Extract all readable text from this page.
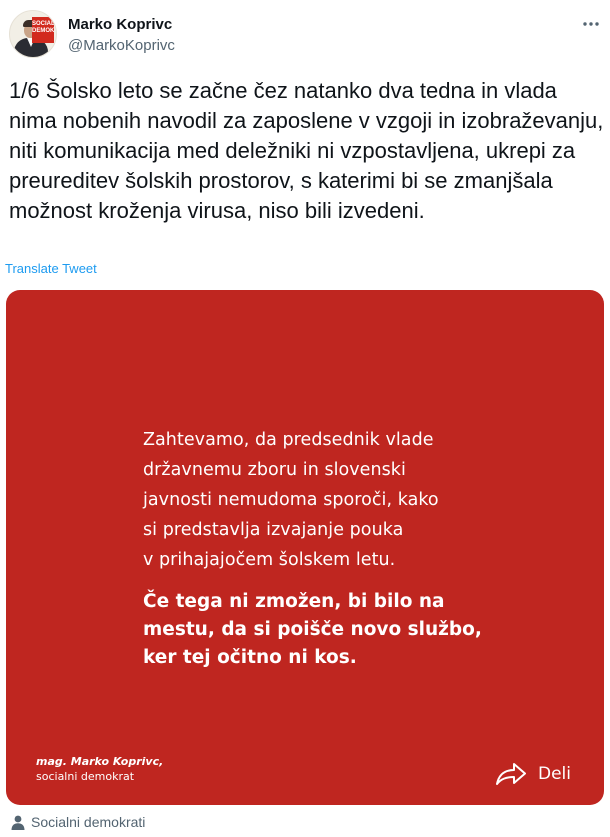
SOCIAL
DEMOK Marko Koprivc
@MarkoKoprivc
1/6 Šolsko leto se začne čez natanko dva tedna in vlada nima nobenih navodil za zaposlene v vzgoji in izobraževanju, niti komunikacija med deležniki ni vzpostavljena, ukrepi za preureditev šolskih prostorov, s katerimi bi se zmanjšala možnost kroženja virusa, niso bili izvedeni.
Translate Tweet
Zahtevamo, da predsednik vlade
državnemu zboru in slovenski
javnosti nemudoma sporoči, kako
si predstavlja izvajanje pouka
v prihajajočem šolskem letu.
Če tega ni zmožen, bi bilo na
mestu, da si poišče novo službo,
ker tej očitno ni kos.
mag. Marko Koprivc,
socialni demokrat	Deli
Socialni demokrati
